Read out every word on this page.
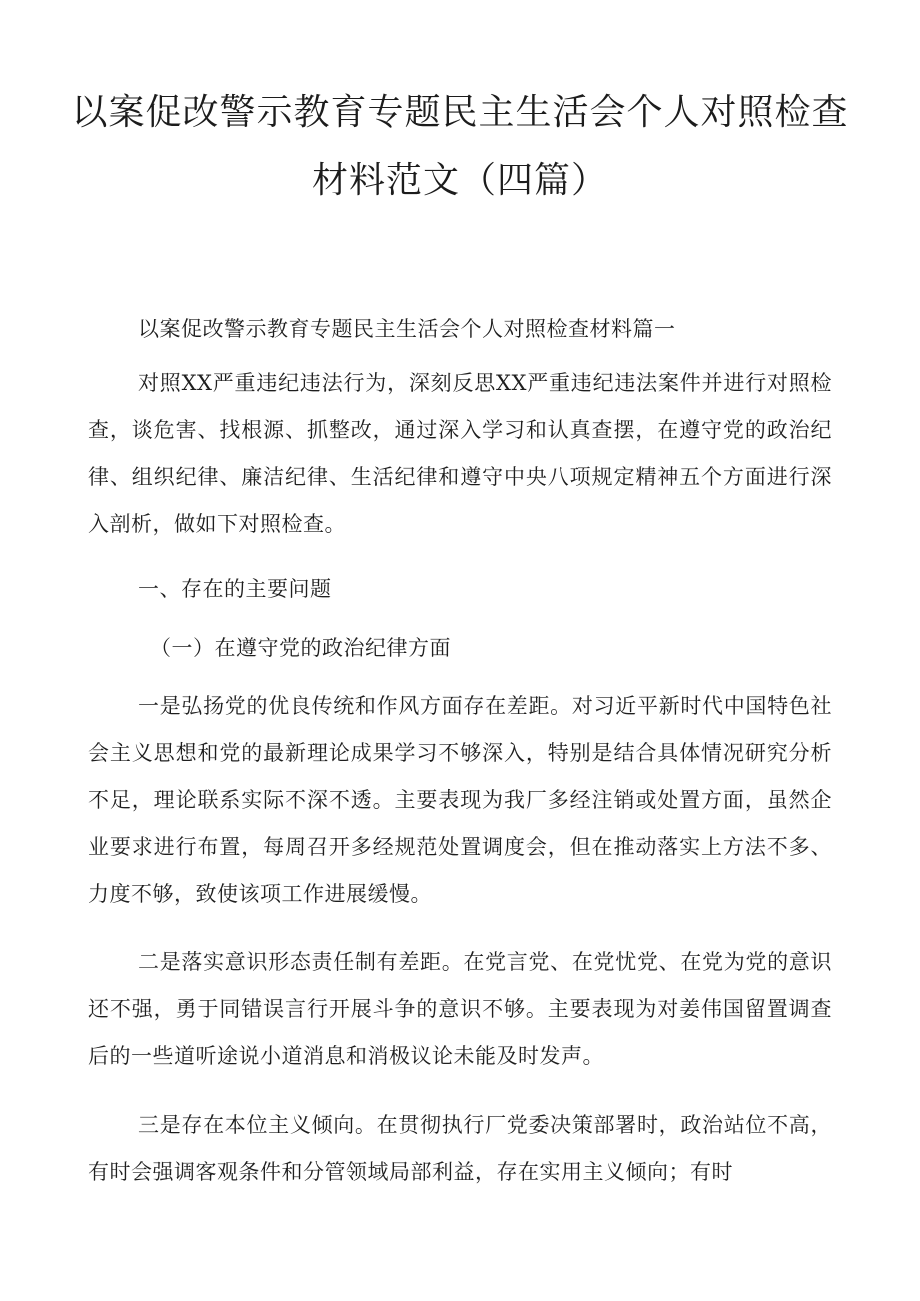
以案促改警示教育专题民主生活会个人对照检查
材料范文（四篇）
以案促改警示教育专题民主生活会个人对照检查材料篇一
对照XX严重违纪违法行为，深刻反思XX严重违纪违法案件并进行对照检查，谈危害、找根源、抓整改，通过深入学习和认真查摆，在遵守党的政治纪律、组织纪律、廉洁纪律、生活纪律和遵守中央八项规定精神五个方面进行深入剖析，做如下对照检查。
一、存在的主要问题
（一）在遵守党的政治纪律方面
一是弘扬党的优良传统和作风方面存在差距。对习近平新时代中国特色社会主义思想和党的最新理论成果学习不够深入，特别是结合具体情况研究分析不足，理论联系实际不深不透。主要表现为我厂多经注销或处置方面，虽然企业要求进行布置，每周召开多经规范处置调度会，但在推动落实上方法不多、力度不够，致使该项工作进展缓慢。
二是落实意识形态责任制有差距。在党言党、在党忧党、在党为党的意识还不强，勇于同错误言行开展斗争的意识不够。主要表现为对姜伟国留置调查后的一些道听途说小道消息和消极议论未能及时发声。
三是存在本位主义倾向。在贯彻执行厂党委决策部署时，政治站位不高，有时会强调客观条件和分管领域局部利益，存在实用主义倾向；有时
